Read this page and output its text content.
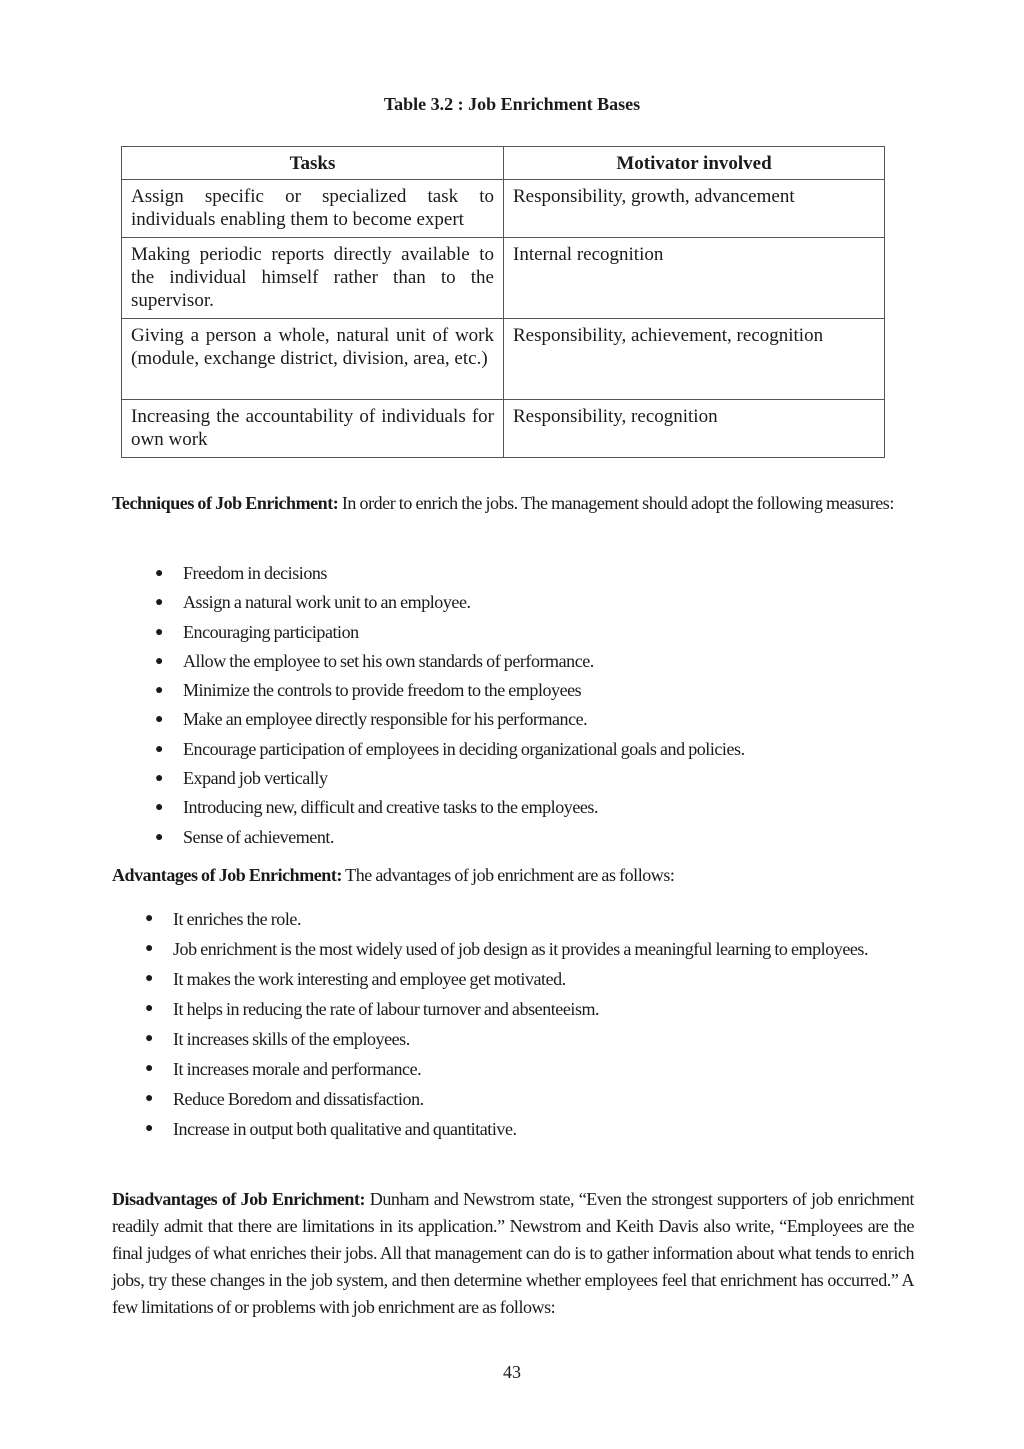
Table 3.2 : Job Enrichment Bases
Tasks	Motivator involved
Assign specific or specialized task to individuals enabling them to become expert	Responsibility, growth, advancement
Making periodic reports directly available to the individual himself rather than to the supervisor.	Internal recognition
Giving a person a whole, natural unit of work (module, exchange district, division, area, etc.)	Responsibility, achievement, recognition
Increasing the accountability of individuals for own work	Responsibility, recognition

Techniques of Job Enrichment: In order to enrich the jobs. The management should adopt the following measures:

● Freedom in decisions
● Assign a natural work unit to an employee.
● Encouraging participation
● Allow the employee to set his own standards of performance.
● Minimize the controls to provide freedom to the employees
● Make an employee directly responsible for his performance.
● Encourage participation of employees in deciding organizational goals and policies.
● Expand job vertically
● Introducing new, difficult and creative tasks to the employees.
● Sense of achievement.

Advantages of Job Enrichment: The advantages of job enrichment are as follows:

● It enriches the role.
● Job enrichment is the most widely used of job design as it provides a meaningful learning to employees.
● It makes the work interesting and employee get motivated.
● It helps in reducing the rate of labour turnover and absenteeism.
● It increases skills of the employees.
● It increases morale and performance.
● Reduce Boredom and dissatisfaction.
● Increase in output both qualitative and quantitative.

Disadvantages of Job Enrichment: Dunham and Newstrom state, “Even the strongest supporters of job enrichment readily admit that there are limitations in its application.” Newstrom and Keith Davis also write, “Employees are the final judges of what enriches their jobs. All that management can do is to gather information about what tends to enrich jobs, try these changes in the job system, and then determine whether employees feel that enrichment has occurred.” A few limitations of or problems with job enrichment are as follows:

43
